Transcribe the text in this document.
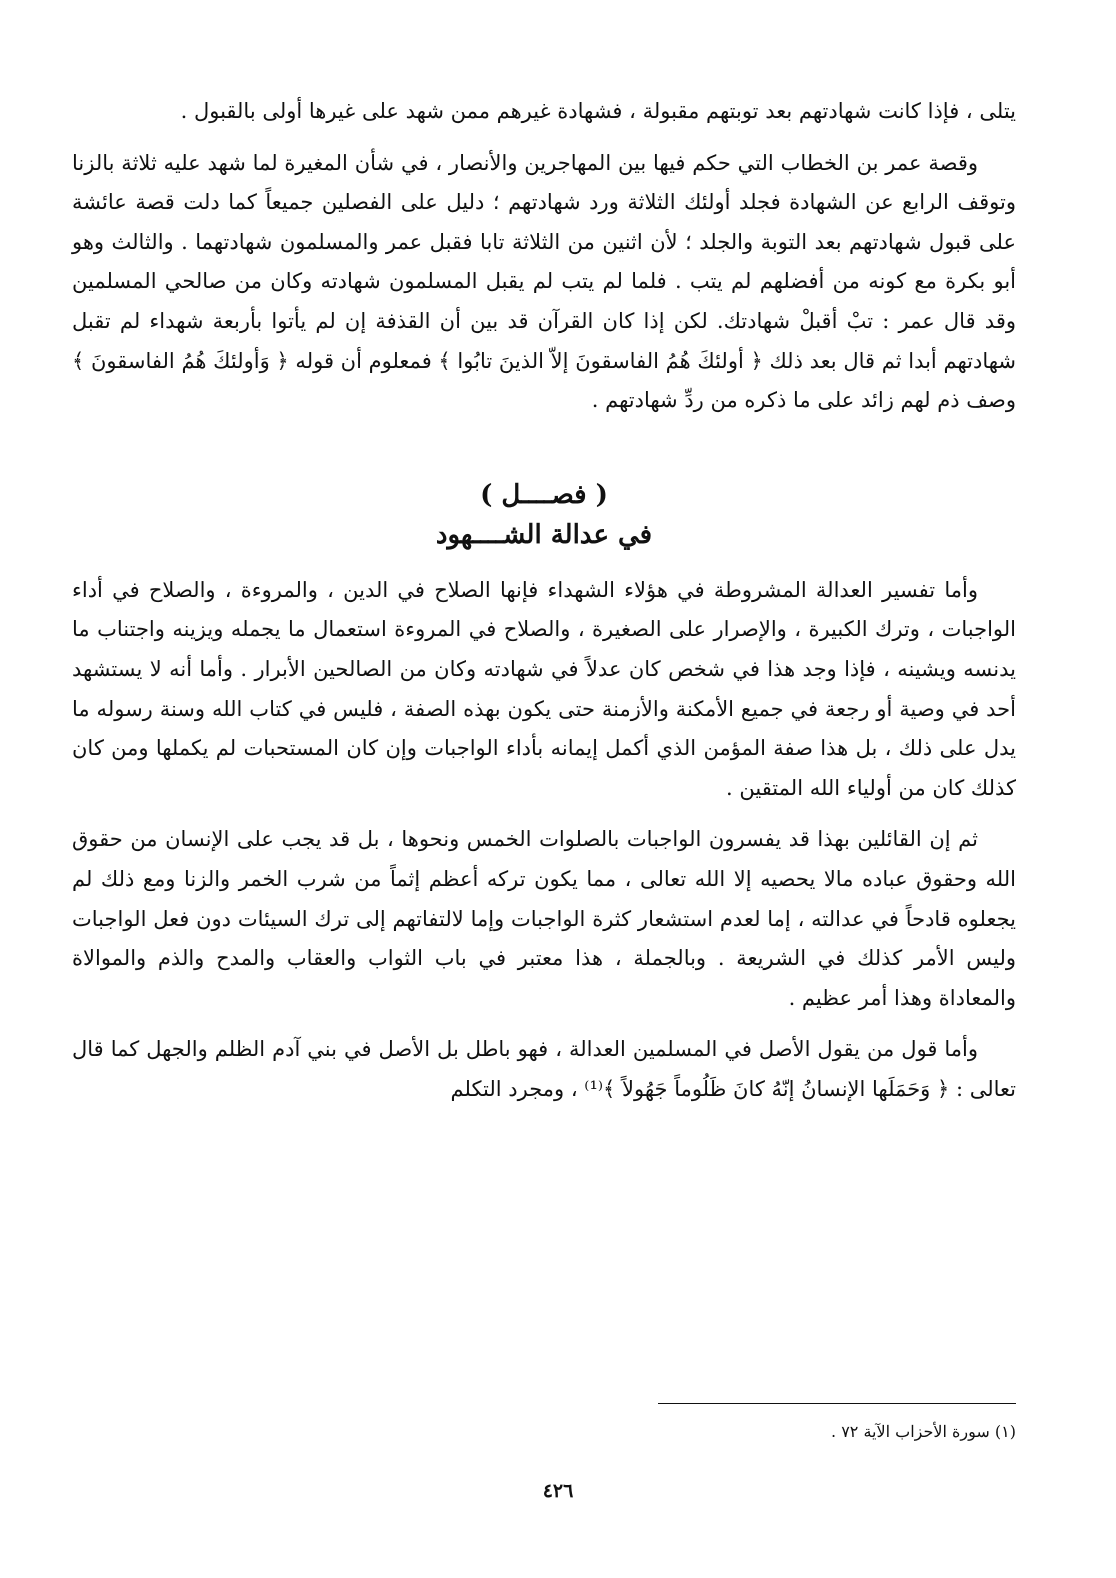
يتلى ، فإذا كانت شهادتهم بعد توبتهم مقبولة ، فشهادة غيرهم ممن شهد على غيرها أولى بالقبول .

وقصة عمر بن الخطاب التي حكم فيها بين المهاجرين والأنصار ، في شأن المغيرة لما شهد عليه ثلاثة بالزنا وتوقف الرابع عن الشهادة فجلد أولئك الثلاثة ورد شهادتهم ؛ دليل على الفصلين جميعاً كما دلت قصة عائشة على قبول شهادتهم بعد التوبة والجلد ؛ لأن اثنين من الثلاثة تابا فقبل عمر والمسلمون شهادتهما . والثالث وهو أبو بكرة مع كونه من أفضلهم لم يتب . فلما لم يتب لم يقبل المسلمون شهادته وكان من صالحي المسلمين وقد قال عمر : تبْ أقبلْ شهادتك. لكن إذا كان القرآن قد بين أن القذفة إن لم يأتوا بأربعة شهداء لم تقبل شهادتهم أبدا ثم قال بعد ذلك ﴿ أولئكَ هُمُ الفاسقونَ إلاّ الذينَ تابُوا ﴾ فمعلوم أن قوله ﴿ وَأولئكَ هُمُ الفاسقونَ ﴾ وصف ذم لهم زائد على ما ذكره من ردِّ شهادتهم .

( فصــــل )

في عدالة الشــــهود

وأما تفسير العدالة المشروطة في هؤلاء الشهداء فإنها الصلاح في الدين ، والمروءة ، والصلاح في أداء الواجبات ، وترك الكبيرة ، والإصرار على الصغيرة ، والصلاح في المروءة استعمال ما يجمله ويزينه واجتناب ما يدنسه ويشينه ، فإذا وجد هذا في شخص كان عدلاً في شهادته وكان من الصالحين الأبرار . وأما أنه لا يستشهد أحد في وصية أو رجعة في جميع الأمكنة والأزمنة حتى يكون بهذه الصفة ، فليس في كتاب الله وسنة رسوله ما يدل على ذلك ، بل هذا صفة المؤمن الذي أكمل إيمانه بأداء الواجبات وإن كان المستحبات لم يكملها ومن كان كذلك كان من أولياء الله المتقين .

ثم إن القائلين بهذا قد يفسرون الواجبات بالصلوات الخمس ونحوها ، بل قد يجب على الإنسان من حقوق الله وحقوق عباده مالا يحصيه إلا الله تعالى ، مما يكون تركه أعظم إثماً من شرب الخمر والزنا ومع ذلك لم يجعلوه قادحاً في عدالته ، إما لعدم استشعار كثرة الواجبات وإما لالتفاتهم إلى ترك السيئات دون فعل الواجبات وليس الأمر كذلك في الشريعة . وبالجملة ، هذا معتبر في باب الثواب والعقاب والمدح والذم والموالاة والمعاداة وهذا أمر عظيم .

وأما قول من يقول الأصل في المسلمين العدالة ، فهو باطل بل الأصل في بني آدم الظلم والجهل كما قال تعالى : ﴿ وَحَمَلَها الإنسانُ إنّهُ كانَ ظَلُوماً جَهُولاً ﴾⁽¹⁾ ، ومجرد التكلم

(١) سورة الأحزاب الآية ٧٢ .
٤٢٦
